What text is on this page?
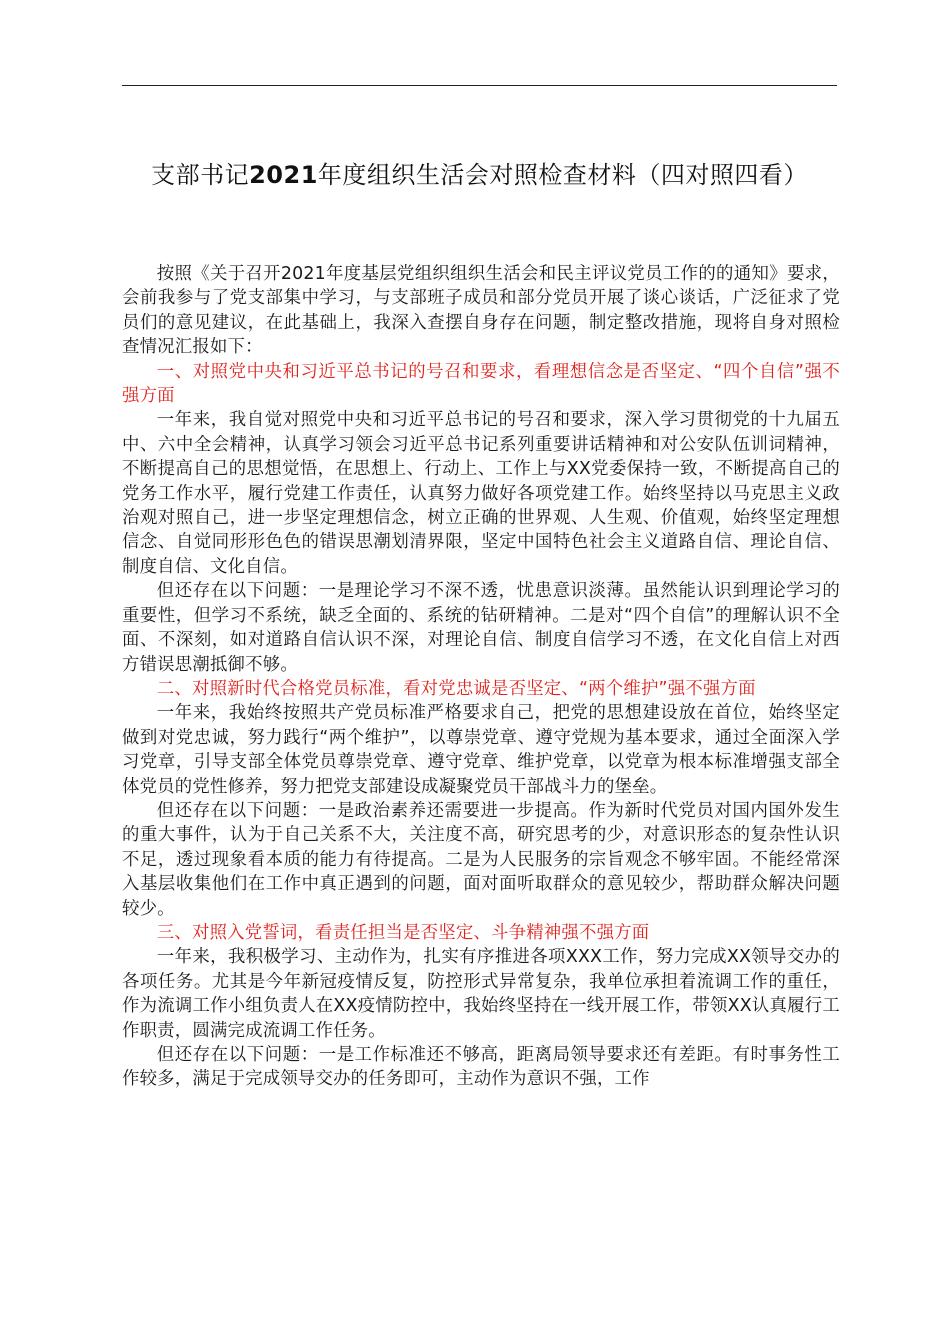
支部书记2021年度组织生活会对照检查材料（四对照四看）

按照《关于召开2021年度基层党组织组织生活会和民主评议党员工作的的通知》要求，会前我参与了党支部集中学习，与支部班子成员和部分党员开展了谈心谈话，广泛征求了党员们的意见建议，在此基础上，我深入查摆自身存在问题，制定整改措施，现将自身对照检查情况汇报如下：

一、对照党中央和习近平总书记的号召和要求，看理想信念是否坚定、“四个自信”强不强方面

一年来，我自觉对照党中央和习近平总书记的号召和要求，深入学习贯彻党的十九届五中、六中全会精神，认真学习领会习近平总书记系列重要讲话精神和对公安队伍训词精神，不断提高自己的思想觉悟，在思想上、行动上、工作上与XX党委保持一致，不断提高自己的党务工作水平，履行党建工作责任，认真努力做好各项党建工作。始终坚持以马克思主义政治观对照自己，进一步坚定理想信念，树立正确的世界观、人生观、价值观，始终坚定理想信念、自觉同形形色色的错误思潮划清界限，坚定中国特色社会主义道路自信、理论自信、制度自信、文化自信。

但还存在以下问题：一是理论学习不深不透，忧患意识淡薄。虽然能认识到理论学习的重要性，但学习不系统，缺乏全面的、系统的钻研精神。二是对“四个自信”的理解认识不全面、不深刻，如对道路自信认识不深，对理论自信、制度自信学习不透，在文化自信上对西方错误思潮抵御不够。

二、对照新时代合格党员标准，看对党忠诚是否坚定、“两个维护”强不强方面

一年来，我始终按照共产党员标准严格要求自己，把党的思想建设放在首位，始终坚定做到对党忠诚，努力践行“两个维护”，以尊崇党章、遵守党规为基本要求，通过全面深入学习党章，引导支部全体党员尊崇党章、遵守党章、维护党章，以党章为根本标准增强支部全体党员的党性修养，努力把党支部建设成凝聚党员干部战斗力的堡垒。

但还存在以下问题：一是政治素养还需要进一步提高。作为新时代党员对国内国外发生的重大事件，认为于自己关系不大，关注度不高，研究思考的少，对意识形态的复杂性认识不足，透过现象看本质的能力有待提高。二是为人民服务的宗旨观念不够牢固。不能经常深入基层收集他们在工作中真正遇到的问题，面对面听取群众的意见较少，帮助群众解决问题较少。

三、对照入党誓词，看责任担当是否坚定、斗争精神强不强方面

一年来，我积极学习、主动作为，扎实有序推进各项XXX工作，努力完成XX领导交办的各项任务。尤其是今年新冠疫情反复，防控形式异常复杂，我单位承担着流调工作的重任，作为流调工作小组负责人在XX疫情防控中，我始终坚持在一线开展工作，带领XX认真履行工作职责，圆满完成流调工作任务。

但还存在以下问题：一是工作标准还不够高，距离局领导要求还有差距。有时事务性工作较多，满足于完成领导交办的任务即可，主动作为意识不强，工作
